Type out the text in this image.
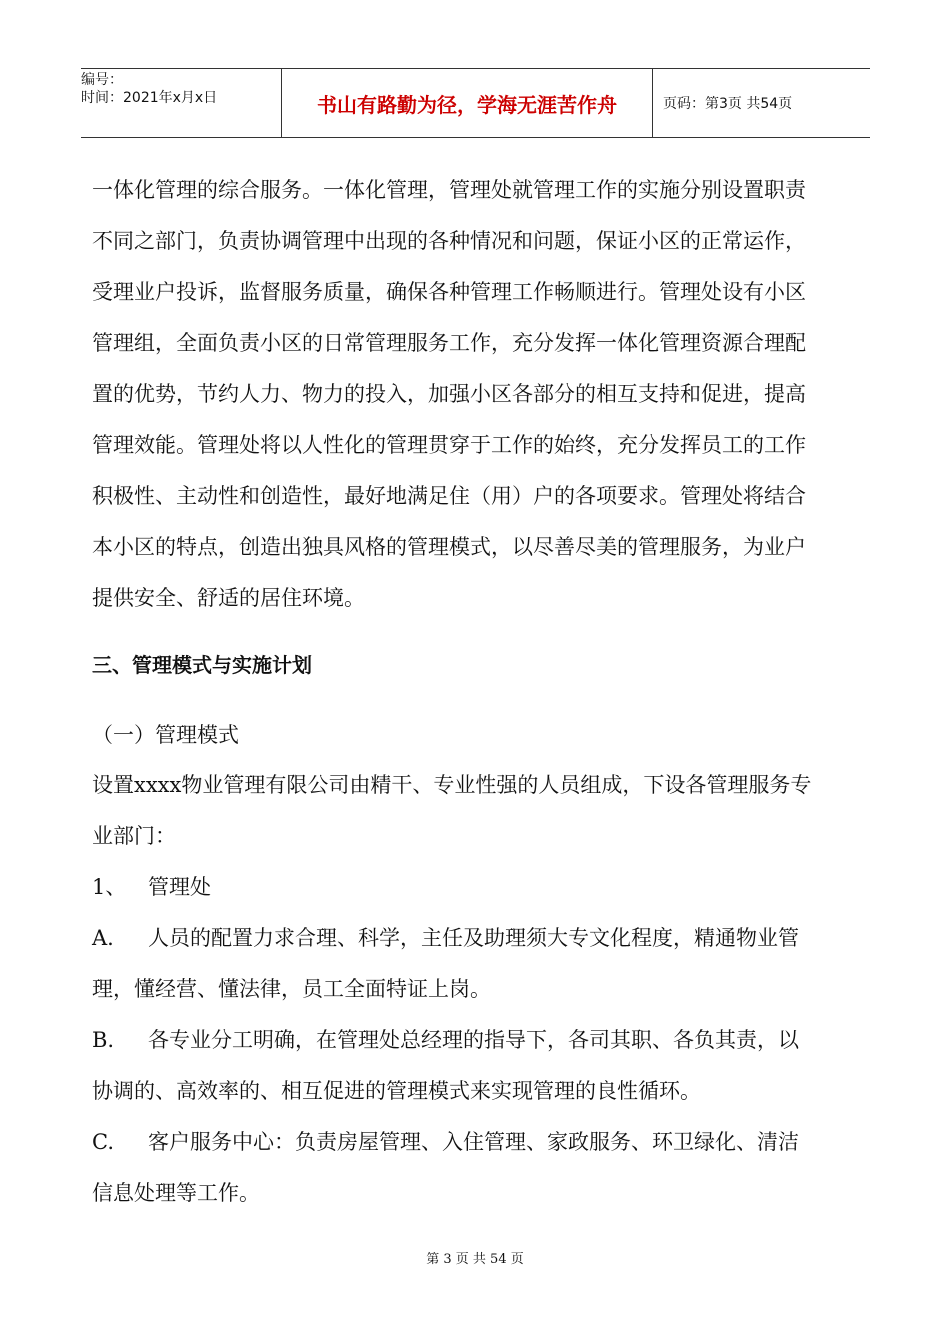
编号：
时间：2021年x月x日	书山有路勤为径，学海无涯苦作舟	页码：第3页 共54页

一体化管理的综合服务。一体化管理，管理处就管理工作的实施分别设置职责

不同之部门，负责协调管理中出现的各种情况和问题，保证小区的正常运作，

受理业户投诉，监督服务质量，确保各种管理工作畅顺进行。管理处设有小区

管理组，全面负责小区的日常管理服务工作，充分发挥一体化管理资源合理配

置的优势，节约人力、物力的投入，加强小区各部分的相互支持和促进，提高

管理效能。管理处将以人性化的管理贯穿于工作的始终，充分发挥员工的工作

积极性、主动性和创造性，最好地满足住（用）户的各项要求。管理处将结合

本小区的特点，创造出独具风格的管理模式，以尽善尽美的管理服务，为业户

提供安全、舒适的居住环境。

三、管理模式与实施计划
（一）管理模式

设置xxxx物业管理有限公司由精干、专业性强的人员组成，下设各管理服务专

业部门：

1、	管理处
A.	人员的配置力求合理、科学，主任及助理须大专文化程度，精通物业管

理，懂经营、懂法律，员工全面特证上岗。

B.	各专业分工明确，在管理处总经理的指导下，各司其职、各负其责，以

协调的、高效率的、相互促进的管理模式来实现管理的良性循环。

C.	客户服务中心：负责房屋管理、入住管理、家政服务、环卫绿化、清洁

信息处理等工作。

第 3 页 共 54 页
